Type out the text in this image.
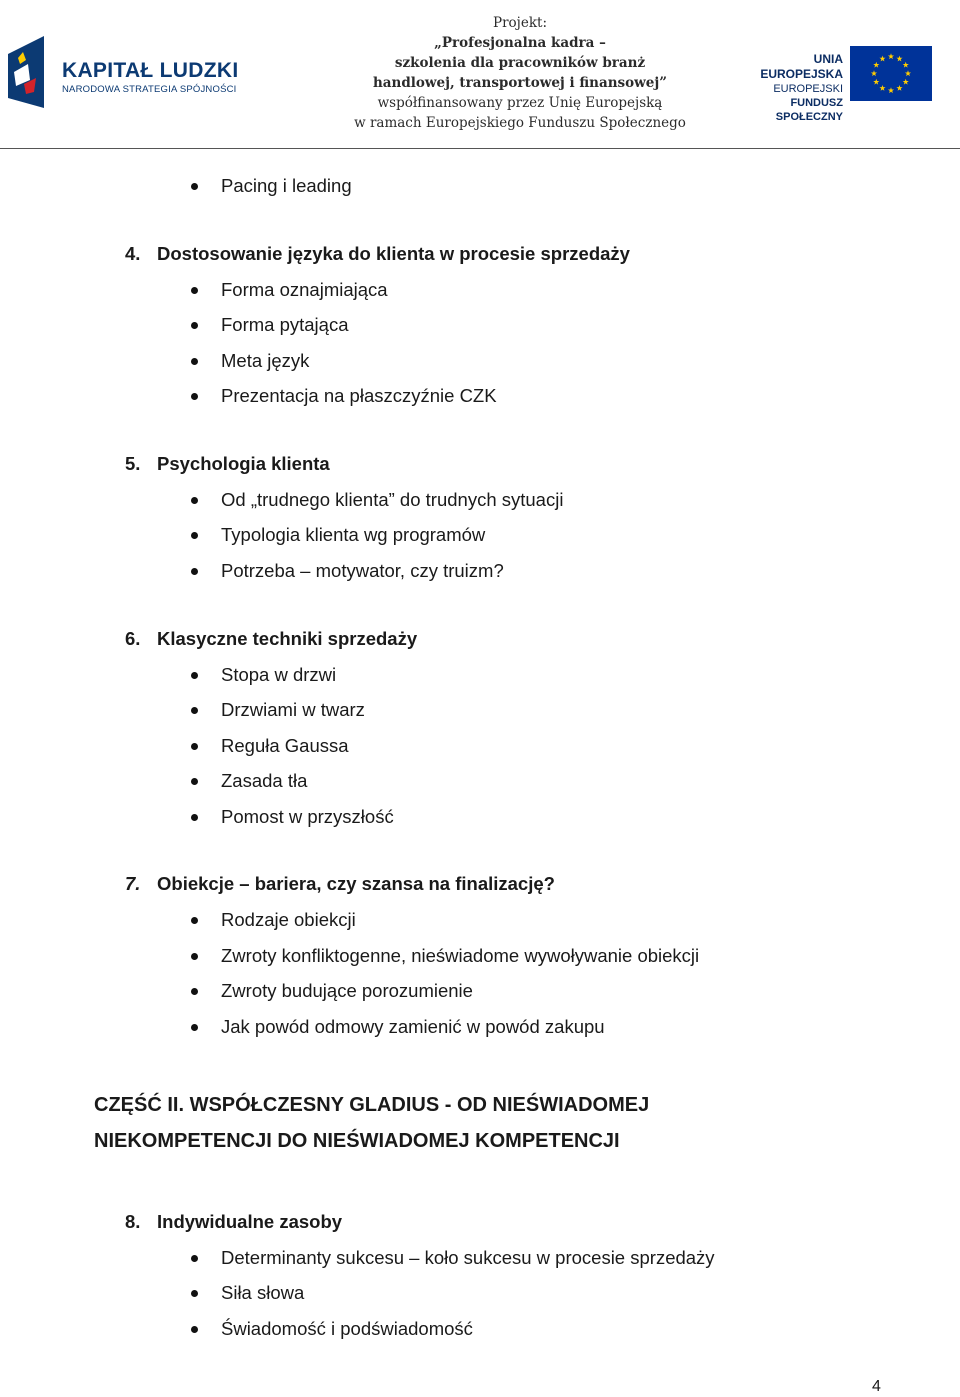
KAPITAŁ LUDZKI
NARODOWA STRATEGIA SPÓJNOŚCI
Projekt:
„Profesjonalna kadra –
szkolenia dla pracowników branż
handlowej, transportowej i finansowej”
współfinansowany przez Unię Europejską
w ramach Europejskiego Funduszu Społecznego
UNIA EUROPEJSKA
EUROPEJSKI
FUNDUSZ SPOŁECZNY
Pacing i leading
4. Dostosowanie języka do klienta w procesie sprzedaży
Forma oznajmiająca
Forma pytająca
Meta język
Prezentacja na płaszczyźnie CZK
5. Psychologia klienta
Od „trudnego klienta” do trudnych sytuacji
Typologia klienta wg programów
Potrzeba – motywator, czy truizm?
6. Klasyczne techniki sprzedaży
Stopa w drzwi
Drzwiami w twarz
Reguła Gaussa
Zasada tła
Pomost w przyszłość
7. Obiekcje – bariera, czy szansa na finalizację?
Rodzaje obiekcji
Zwroty konfliktogenne, nieświadome wywoływanie obiekcji
Zwroty budujące porozumienie
Jak powód odmowy zamienić w powód zakupu
CZĘŚĆ II. WSPÓŁCZESNY GLADIUS - OD NIEŚWIADOMEJ
NIEKOMPETENCJI DO NIEŚWIADOMEJ KOMPETENCJI
8. Indywidualne zasoby
Determinanty sukcesu – koło sukcesu w procesie sprzedaży
Siła słowa
Świadomość i podświadomość
4
